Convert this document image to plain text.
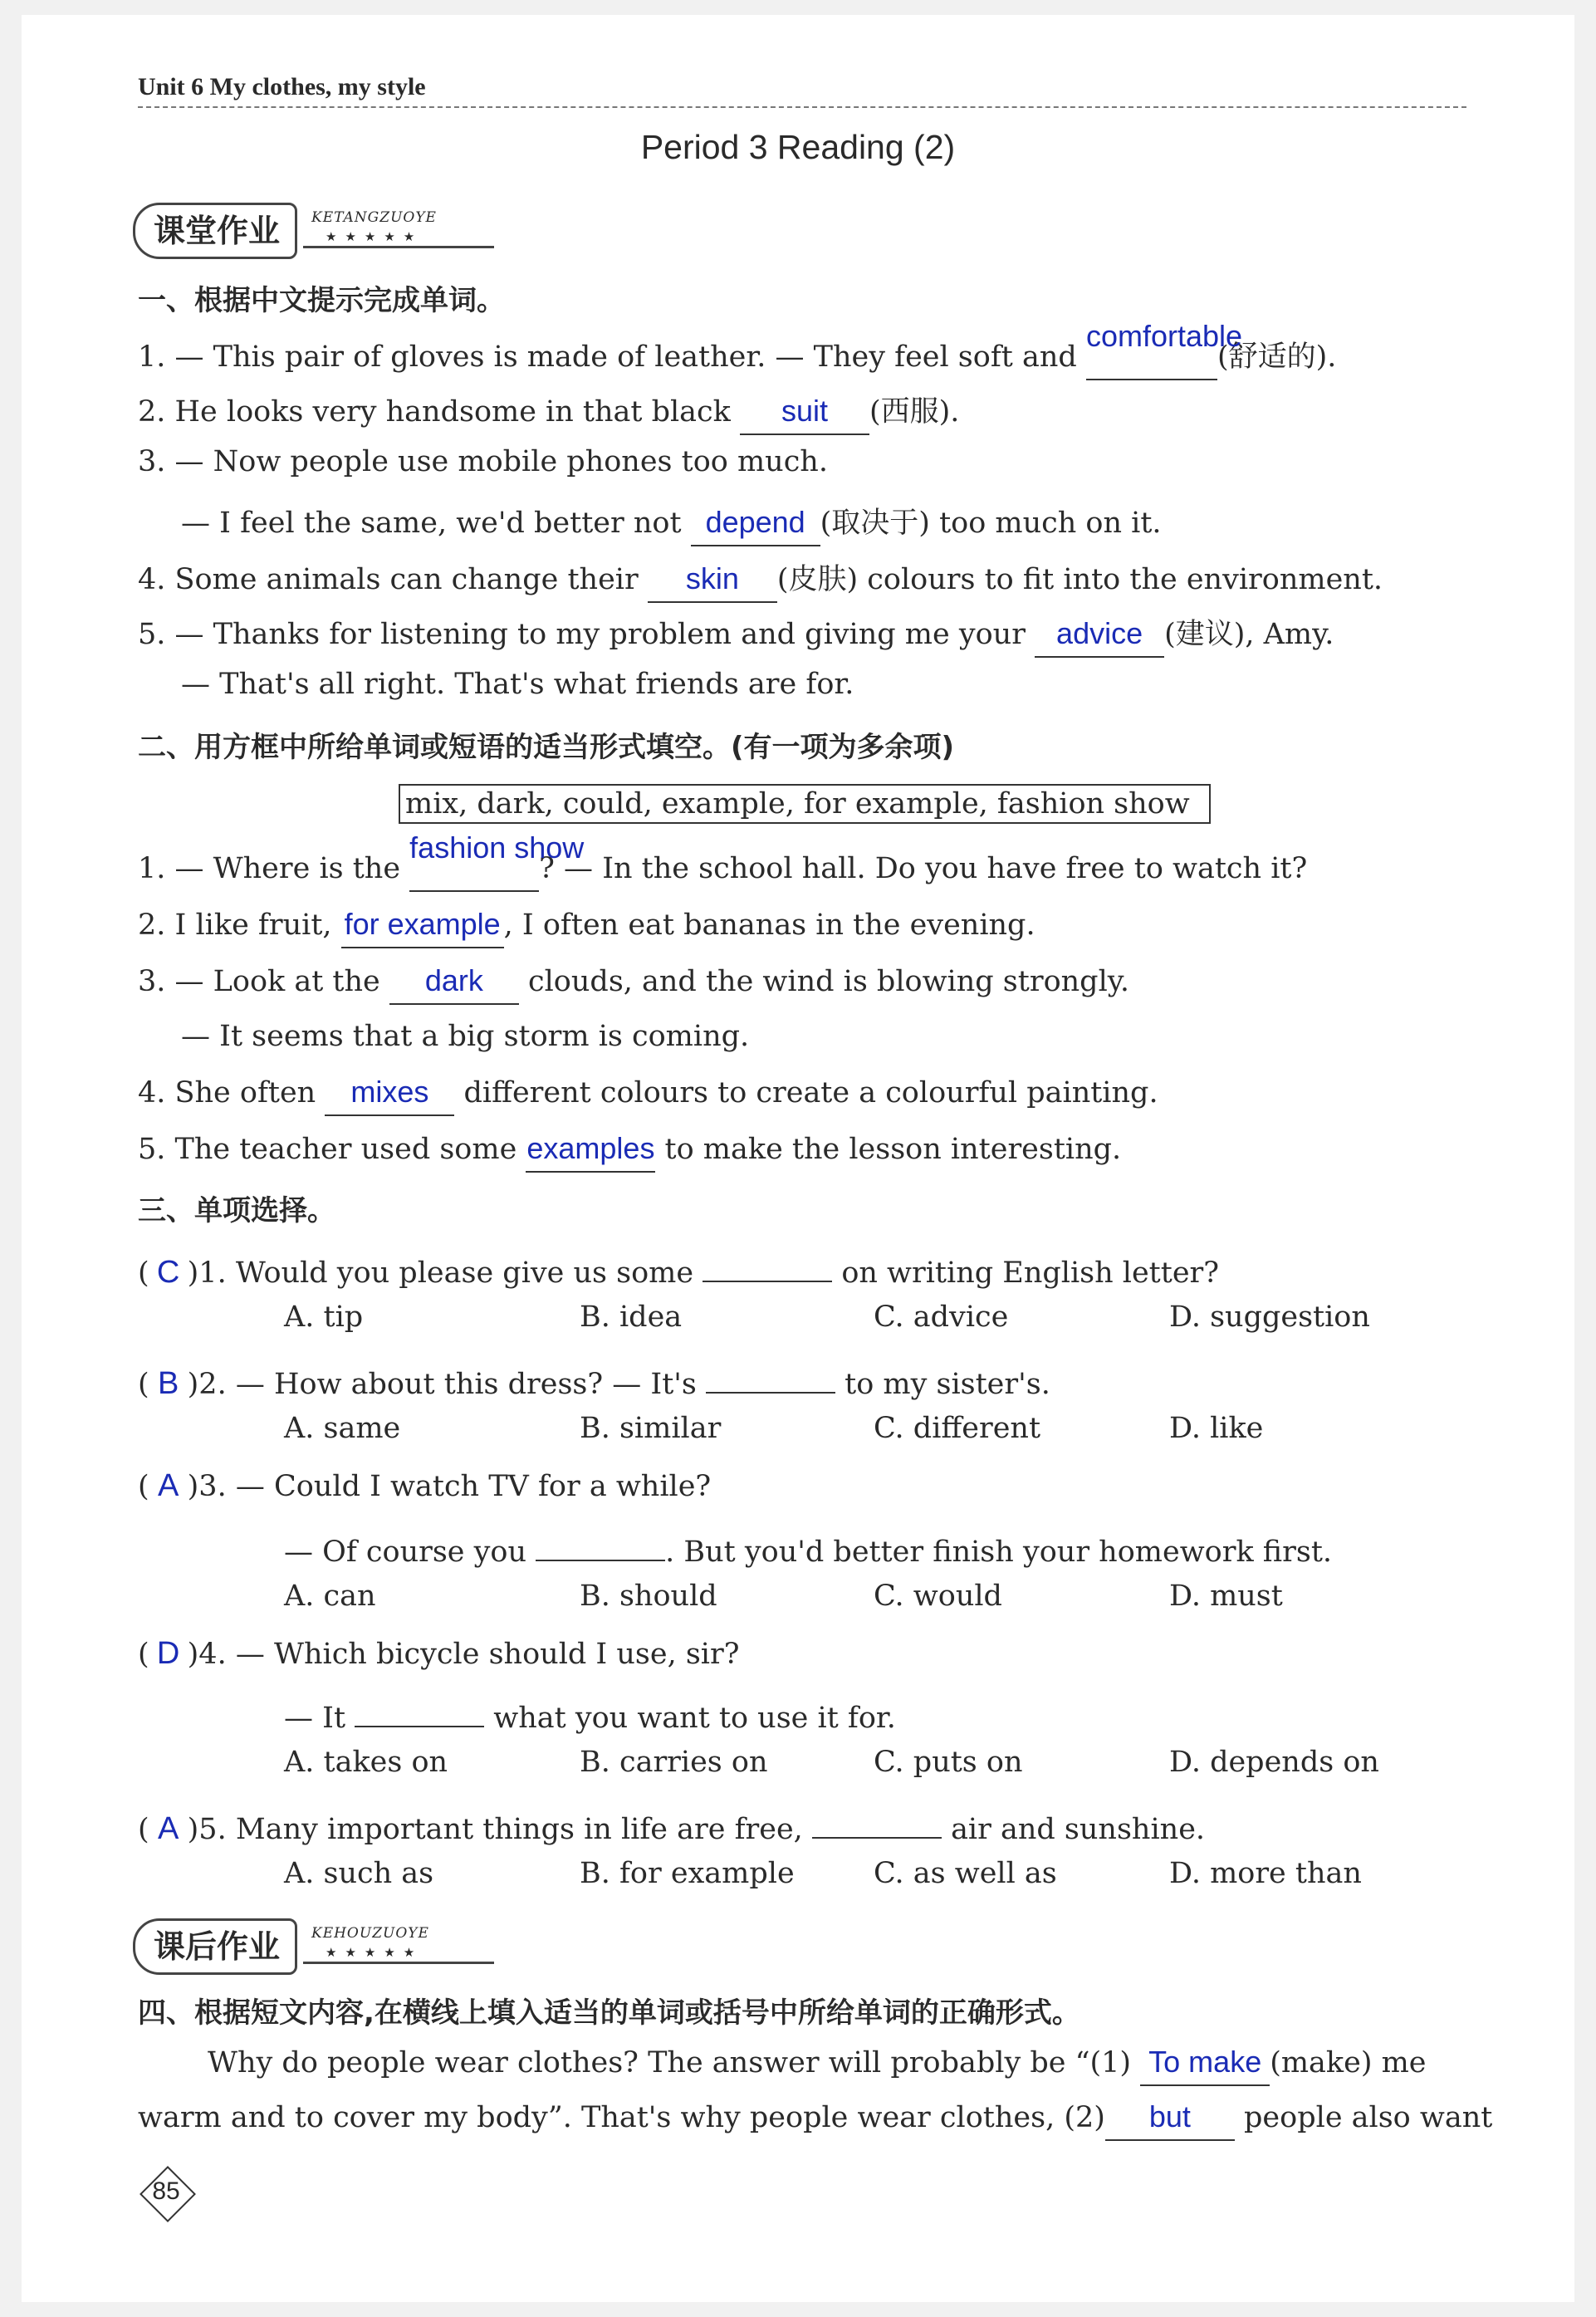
Unit 6 My clothes, my style
Period 3 Reading (2)
课堂作业	KETANGZUOYE
★★★★★
一、根据中文提示完成单词。
1. — This pair of gloves is made of leather. — They feel soft and comfortable(舒适的).
2. He looks very handsome in that black suit (西服).
3. — Now people use mobile phones too much.
— I feel the same, we'd better not depend (取决于) too much on it.
4. Some animals can change their skin (皮肤) colours to fit into the environment.
5. — Thanks for listening to my problem and giving me your advice (建议), Amy.
— That's all right. That's what friends are for.
二、用方框中所给单词或短语的适当形式填空。(有一项为多余项)
mix, dark, could, example, for example, fashion show
1. — Where is the fashion show? — In the school hall. Do you have free to watch it?
2. I like fruit, for example , I often eat bananas in the evening.
3. — Look at the dark clouds, and the wind is blowing strongly.
— It seems that a big storm is coming.
4. She often mixes different colours to create a colourful painting.
5. The teacher used some examples to make the lesson interesting.
三、单项选择。
( C )1. Would you please give us some	on writing English letter?
A. tip	B. idea	C. advice	D. suggestion
( B )2. — How about this dress? — It's	to my sister's.
A. same	B. similar	C. different	D. like
( A )3. — Could I watch TV for a while?
— Of course you	. But you'd better finish your homework first.
A. can	B. should	C. would	D. must
( D )4. — Which bicycle should I use, sir?
— It	what you want to use it for.
A. takes on	B. carries on	C. puts on	D. depends on
( A )5. Many important things in life are free,	air and sunshine.
A. such as	B. for example	C. as well as	D. more than
课后作业	KEHOUZUOYE
★★★★★
四、根据短文内容,在横线上填入适当的单词或括号中所给单词的正确形式。
Why do people wear clothes? The answer will probably be “(1) To make (make) me
warm and to cover my body”. That's why people wear clothes, (2) but people also want
85
